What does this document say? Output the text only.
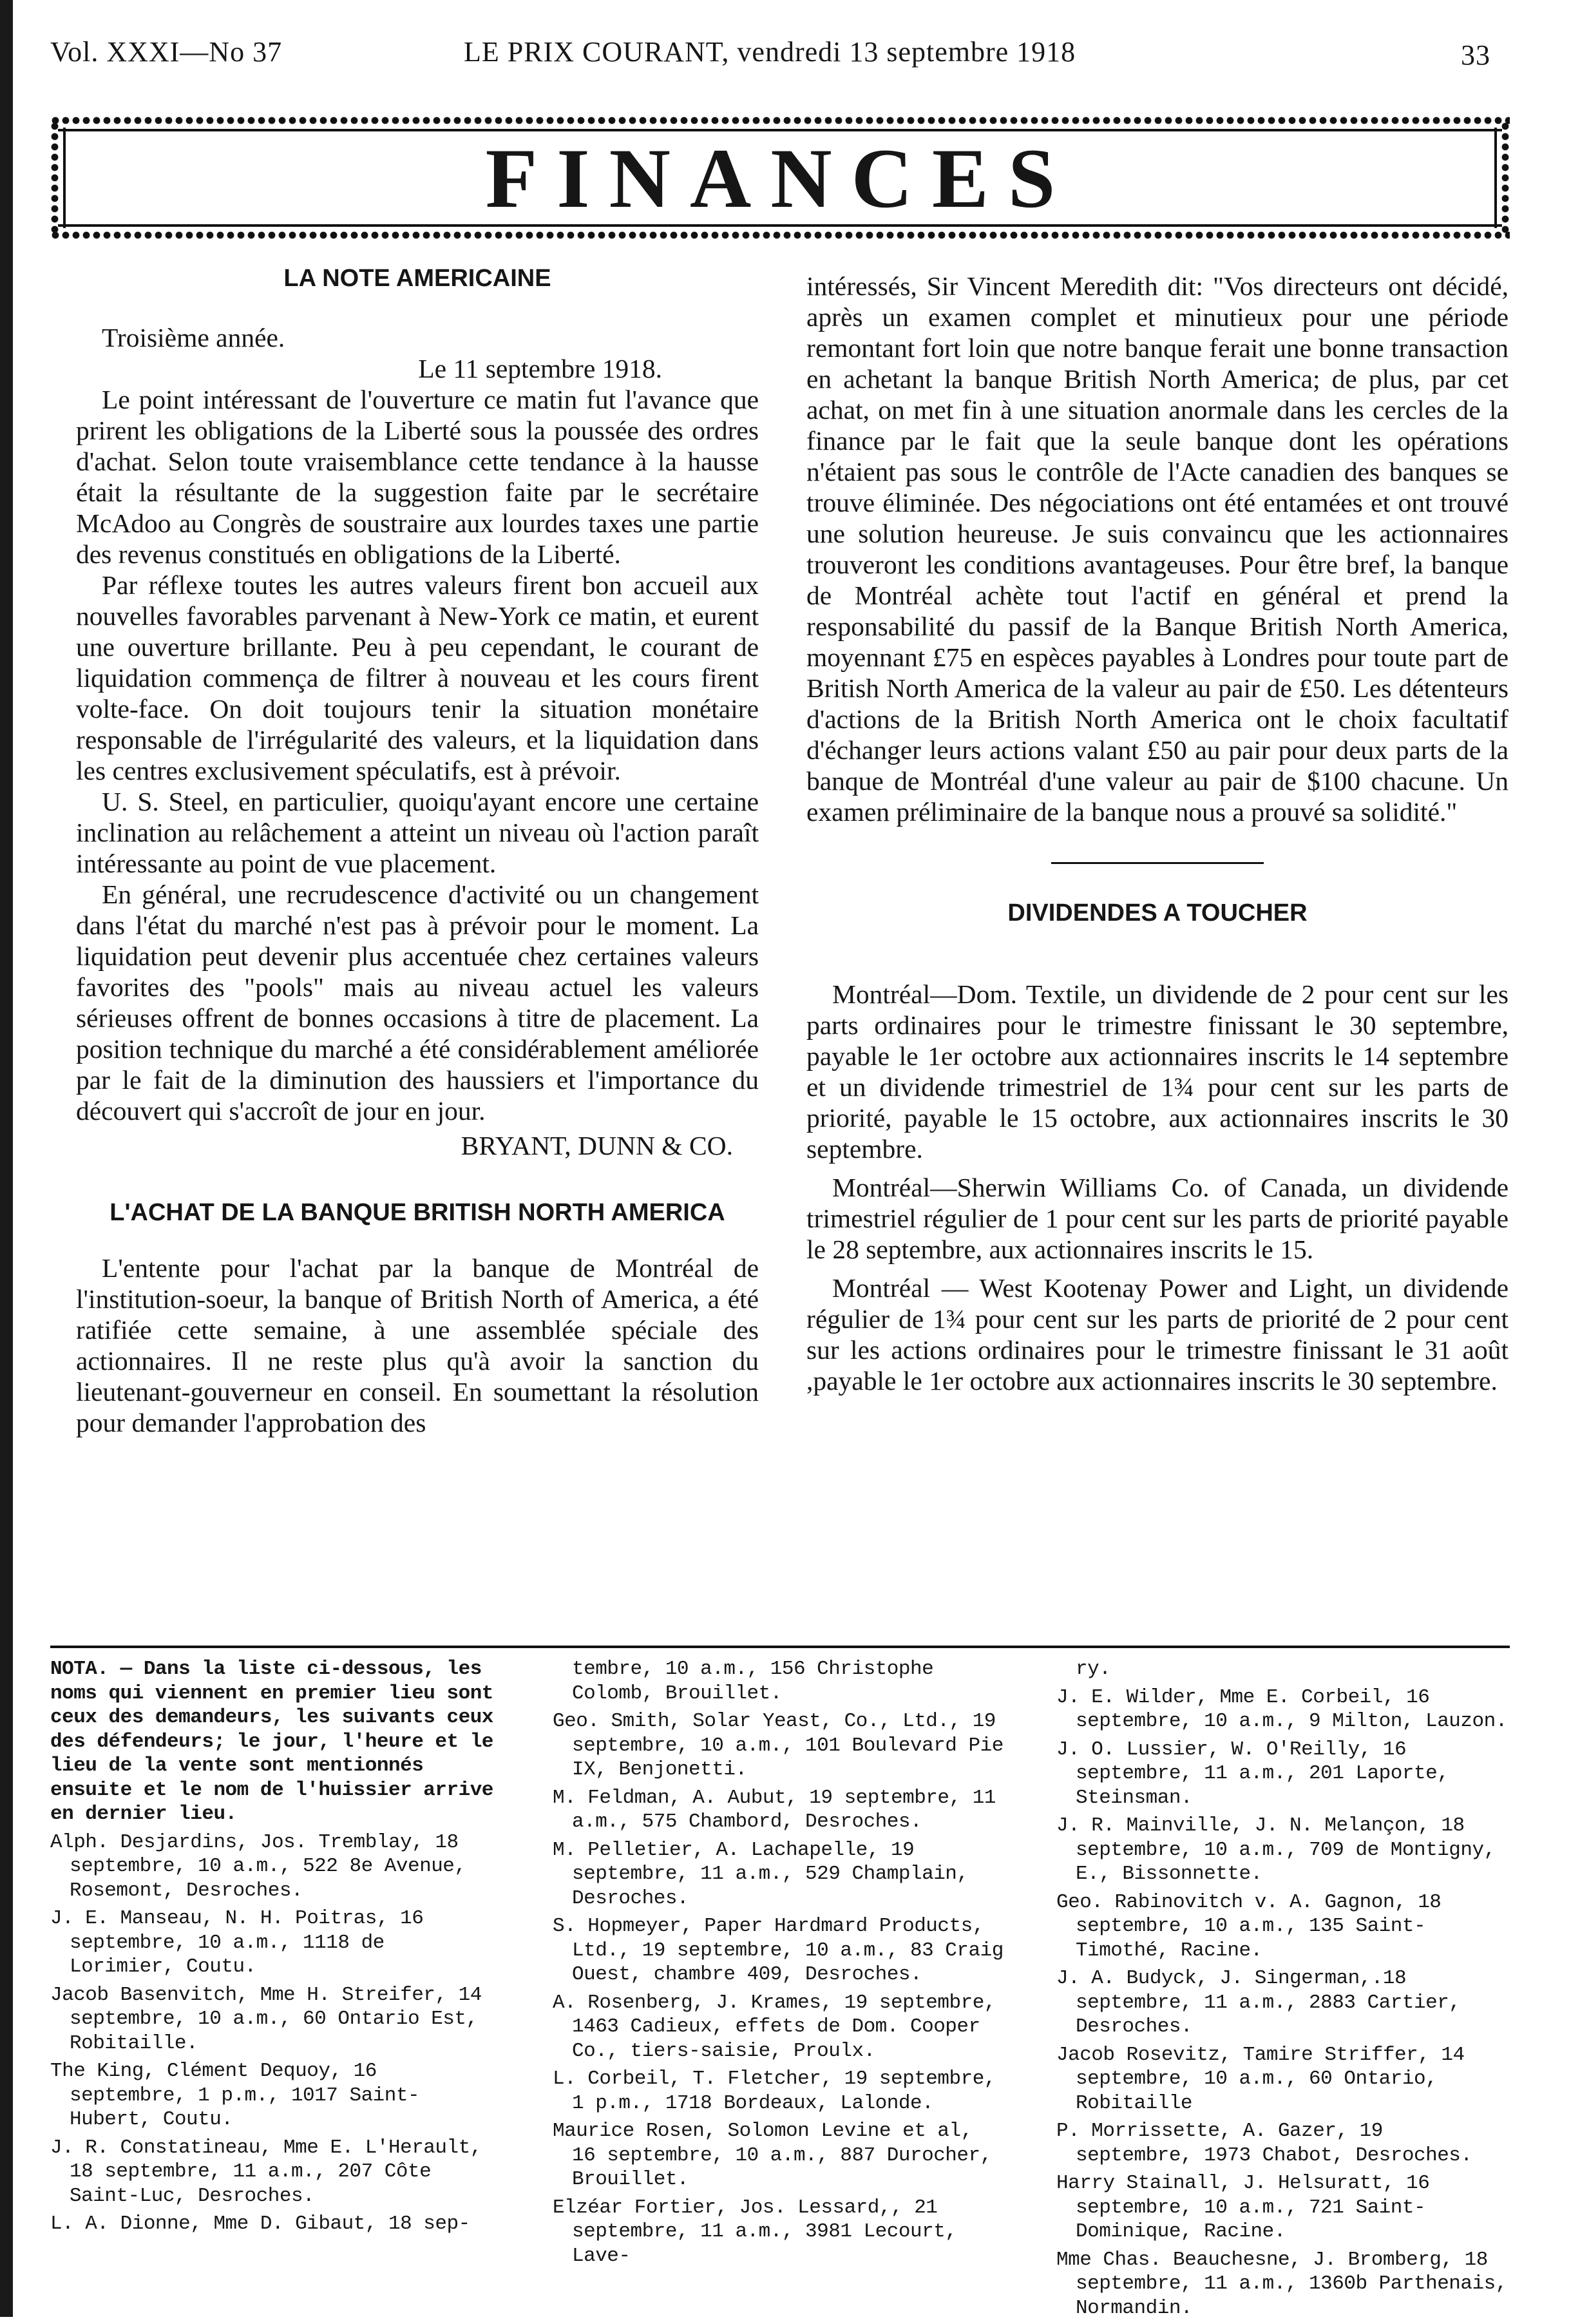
Vol. XXXI—No 37	LE PRIX COURANT, vendredi 13 septembre 1918	33
FINANCES
LA NOTE AMERICAINE

Troisième année.

Le 11 septembre 1918.

Le point intéressant de l'ouverture ce matin fut l'avance que prirent les obligations de la Liberté sous la poussée des ordres d'achat. Selon toute vraisemblance cette tendance à la hausse était la résultante de la suggestion faite par le secrétaire McAdoo au Congrès de soustraire aux lourdes taxes une partie des revenus constitués en obligations de la Liberté.

Par réflexe toutes les autres valeurs firent bon accueil aux nouvelles favorables parvenant à New-York ce matin, et eurent une ouverture brillante. Peu à peu cependant, le courant de liquidation commença de filtrer à nouveau et les cours firent volte-face. On doit toujours tenir la situation monétaire responsable de l'irrégularité des valeurs, et la liquidation dans les centres exclusivement spéculatifs, est à prévoir.

U. S. Steel, en particulier, quoiqu'ayant encore une certaine inclination au relâchement a atteint un niveau où l'action paraît intéressante au point de vue placement.

En général, une recrudescence d'activité ou un changement dans l'état du marché n'est pas à prévoir pour le moment. La liquidation peut devenir plus accentuée chez certaines valeurs favorites des "pools" mais au niveau actuel les valeurs sérieuses offrent de bonnes occasions à titre de placement. La position technique du marché a été considérablement améliorée par le fait de la diminution des haussiers et l'importance du découvert qui s'accroît de jour en jour.

BRYANT, DUNN & CO.

L'ACHAT DE LA BANQUE BRITISH NORTH AMERICA

L'entente pour l'achat par la banque de Montréal de l'institution-soeur, la banque of British North of America, a été ratifiée cette semaine, à une assemblée spéciale des actionnaires. Il ne reste plus qu'à avoir la sanction du lieutenant-gouverneur en conseil. En soumettant la résolution pour demander l'approbation des

intéressés, Sir Vincent Meredith dit: "Vos directeurs ont décidé, après un examen complet et minutieux pour une période remontant fort loin que notre banque ferait une bonne transaction en achetant la banque British North America; de plus, par cet achat, on met fin à une situation anormale dans les cercles de la finance par le fait que la seule banque dont les opérations n'étaient pas sous le contrôle de l'Acte canadien des banques se trouve éliminée. Des négociations ont été entamées et ont trouvé une solution heureuse. Je suis convaincu que les actionnaires trouveront les conditions avantageuses. Pour être bref, la banque de Montréal achète tout l'actif en général et prend la responsabilité du passif de la Banque British North America, moyennant £75 en espèces payables à Londres pour toute part de British North America de la valeur au pair de £50. Les détenteurs d'actions de la British North America ont le choix facultatif d'échanger leurs actions valant £50 au pair pour deux parts de la banque de Montréal d'une valeur au pair de $100 chacune. Un examen préliminaire de la banque nous a prouvé sa solidité."

DIVIDENDES A TOUCHER

Montréal—Dom. Textile, un dividende de 2 pour cent sur les parts ordinaires pour le trimestre finissant le 30 septembre, payable le 1er octobre aux actionnaires inscrits le 14 septembre et un dividende trimestriel de 1¾ pour cent sur les parts de priorité, payable le 15 octobre, aux actionnaires inscrits le 30 septembre.

Montréal—Sherwin Williams Co. of Canada, un dividende trimestriel régulier de 1 pour cent sur les parts de priorité payable le 28 septembre, aux actionnaires inscrits le 15.

Montréal — West Kootenay Power and Light, un dividende régulier de 1¾ pour cent sur les parts de priorité de 2 pour cent sur les actions ordinaires pour le trimestre finissant le 31 août ,payable le 1er octobre aux actionnaires inscrits le 30 septembre.

NOTA. — Dans la liste ci-dessous, les noms qui viennent en premier lieu sont ceux des demandeurs, les suivants ceux des défendeurs; le jour, l'heure et le lieu de la vente sont mentionnés ensuite et le nom de l'huissier arrive en dernier lieu.

Alph. Desjardins, Jos. Tremblay, 18 septembre, 10 a.m., 522 8e Avenue, Rosemont, Desroches.

J. E. Manseau, N. H. Poitras, 16 septembre, 10 a.m., 1118 de Lorimier, Coutu.

Jacob Basenvitch, Mme H. Streifer, 14 septembre, 10 a.m., 60 Ontario Est, Robitaille.

The King, Clément Dequoy, 16 septembre, 1 p.m., 1017 Saint-Hubert, Coutu.

J. R. Constatineau, Mme E. L'Herault, 18 septembre, 11 a.m., 207 Côte Saint-Luc, Desroches.

L. A. Dionne, Mme D. Gibaut, 18 sep-

tembre, 10 a.m., 156 Christophe Colomb, Brouillet.

Geo. Smith, Solar Yeast, Co., Ltd., 19 septembre, 10 a.m., 101 Boulevard Pie IX, Benjonetti.

M. Feldman, A. Aubut, 19 septembre, 11 a.m., 575 Chambord, Desroches.

M. Pelletier, A. Lachapelle, 19 septembre, 11 a.m., 529 Champlain, Desroches.

S. Hopmeyer, Paper Hardmard Products, Ltd., 19 septembre, 10 a.m., 83 Craig Ouest, chambre 409, Desroches.

A. Rosenberg, J. Krames, 19 septembre, 1463 Cadieux, effets de Dom. Cooper Co., tiers-saisie, Proulx.

L. Corbeil, T. Fletcher, 19 septembre, 1 p.m., 1718 Bordeaux, Lalonde.

Maurice Rosen, Solomon Levine et al, 16 septembre, 10 a.m., 887 Durocher, Brouillet.

Elzéar Fortier, Jos. Lessard,, 21 septembre, 11 a.m., 3981 Lecourt, Lave-

ry.

J. E. Wilder, Mme E. Corbeil, 16 septembre, 10 a.m., 9 Milton, Lauzon.

J. O. Lussier, W. O'Reilly, 16 septembre, 11 a.m., 201 Laporte, Steinsman.

J. R. Mainville, J. N. Melançon, 18 septembre, 10 a.m., 709 de Montigny, E., Bissonnette.

Geo. Rabinovitch v. A. Gagnon, 18 septembre, 10 a.m., 135 Saint-Timothé, Racine.

J. A. Budyck, J. Singerman,.18 septembre, 11 a.m., 2883 Cartier, Desroches.

Jacob Rosevitz, Tamire Striffer, 14 septembre, 10 a.m., 60 Ontario, Robitaille

P. Morrissette, A. Gazer, 19 septembre, 1973 Chabot, Desroches.

Harry Stainall, J. Helsuratt, 16 septembre, 10 a.m., 721 Saint-Dominique, Racine.

Mme Chas. Beauchesne, J. Bromberg, 18 septembre, 11 a.m., 1360b Parthenais, Normandin.
